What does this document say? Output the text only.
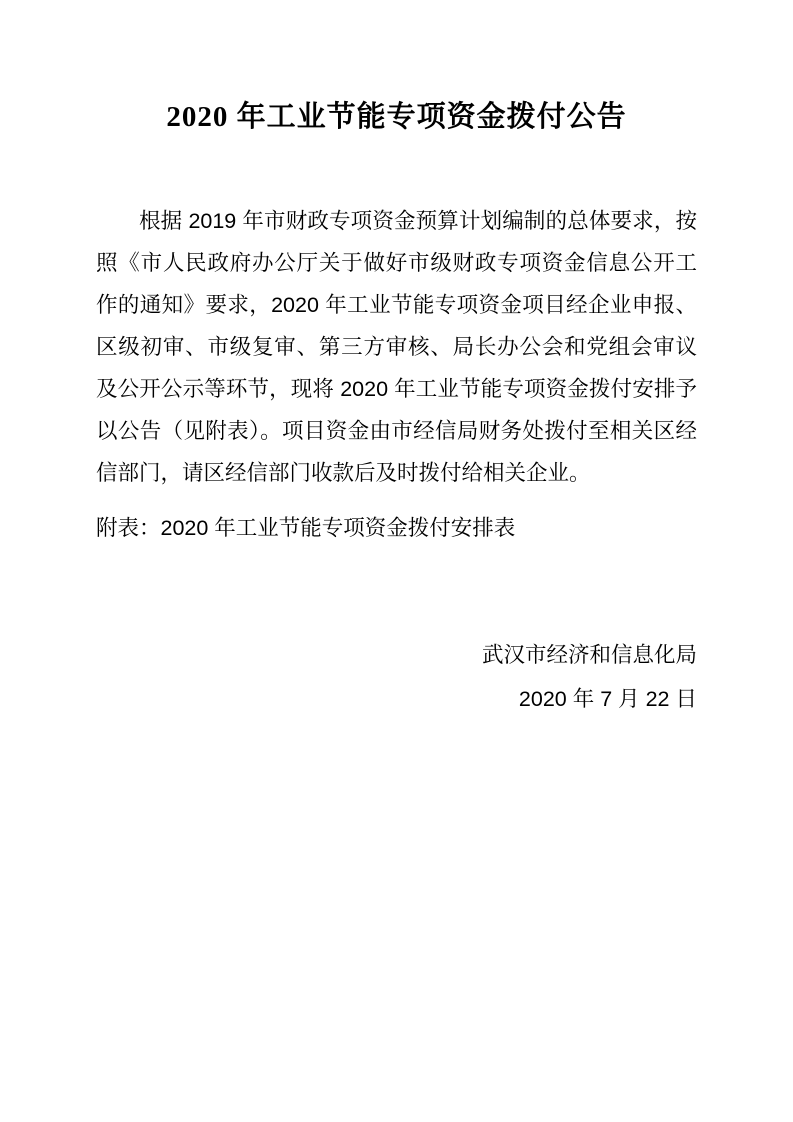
2020 年工业节能专项资金拨付公告

根据 2019 年市财政专项资金预算计划编制的总体要求，按照《市人民政府办公厅关于做好市级财政专项资金信息公开工作的通知》要求，2020 年工业节能专项资金项目经企业申报、区级初审、市级复审、第三方审核、局长办公会和党组会审议及公开公示等环节，现将 2020 年工业节能专项资金拨付安排予以公告（见附表）。项目资金由市经信局财务处拨付至相关区经信部门，请区经信部门收款后及时拨付给相关企业。

附表：2020 年工业节能专项资金拨付安排表

武汉市经济和信息化局
2020 年 7 月 22 日
